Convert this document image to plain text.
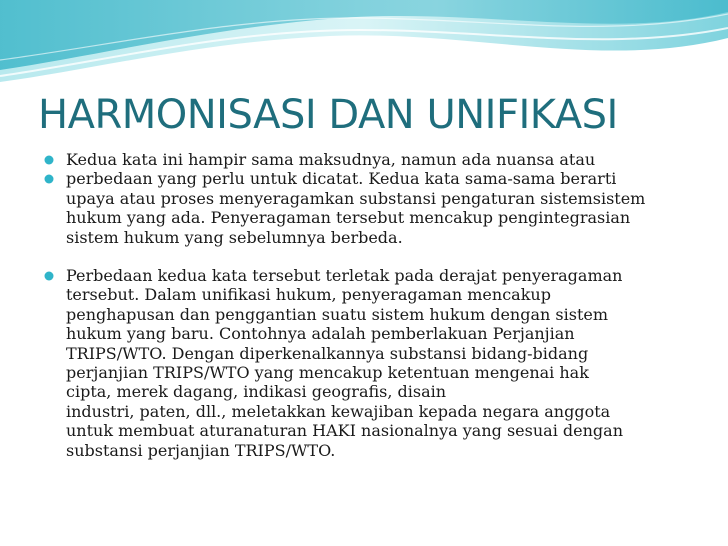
HARMONISASI DAN UNIFIKASI
Kedua kata ini hampir sama maksudnya, namun ada nuansa atau
perbedaan yang perlu untuk dicatat. Kedua kata sama-sama berarti
upaya atau proses menyeragamkan substansi pengaturan sistemsistem
hukum yang ada. Penyeragaman tersebut mencakup pengintegrasian
sistem hukum yang sebelumnya berbeda.
Perbedaan kedua kata tersebut terletak pada derajat penyeragaman
tersebut. Dalam unifikasi hukum, penyeragaman mencakup
penghapusan dan penggantian suatu sistem hukum dengan sistem
hukum yang baru. Contohnya adalah pemberlakuan Perjanjian
TRIPS/WTO. Dengan diperkenalkannya substansi bidang-bidang
perjanjian TRIPS/WTO yang mencakup ketentuan mengenai hak
cipta, merek dagang, indikasi geografis, disain
industri, paten, dll., meletakkan kewajiban kepada negara anggota
untuk membuat aturanaturan HAKI nasionalnya yang sesuai dengan
substansi perjanjian TRIPS/WTO.
